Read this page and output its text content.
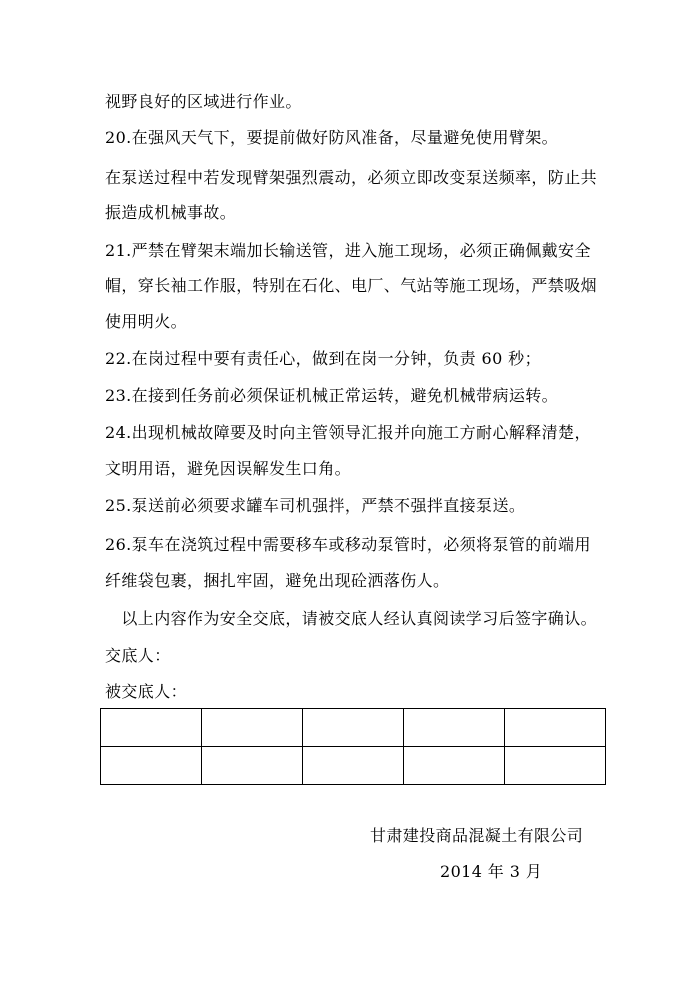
视野良好的区域进行作业。
20.在强风天气下，要提前做好防风准备，尽量避免使用臂架。
在泵送过程中若发现臂架强烈震动，必须立即改变泵送频率，防止共
振造成机械事故。
21.严禁在臂架末端加长输送管，进入施工现场，必须正确佩戴安全
帽，穿长袖工作服，特别在石化、电厂、气站等施工现场，严禁吸烟
使用明火。
22.在岗过程中要有责任心，做到在岗一分钟，负责 60 秒；
23.在接到任务前必须保证机械正常运转，避免机械带病运转。
24.出现机械故障要及时向主管领导汇报并向施工方耐心解释清楚，
文明用语，避免因误解发生口角。
25.泵送前必须要求罐车司机强拌，严禁不强拌直接泵送。
26.泵车在浇筑过程中需要移车或移动泵管时，必须将泵管的前端用
纤维袋包裹，捆扎牢固，避免出现砼洒落伤人。
　以上内容作为安全交底，请被交底人经认真阅读学习后签字确认。
交底人：
被交底人：

甘肃建投商品混凝土有限公司
2014 年 3 月
